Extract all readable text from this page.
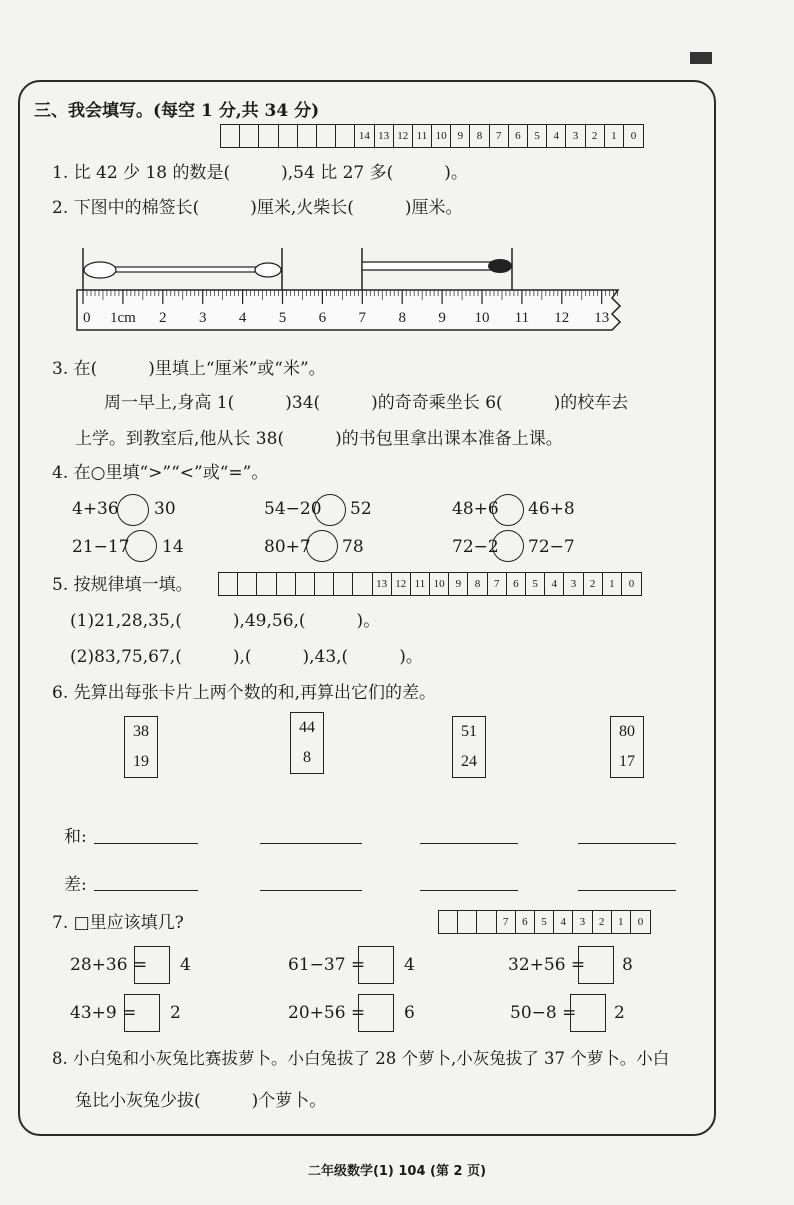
三、我会填写。(每空 1 分,共 34 分)
14 13 12 11 10 9	8	7	6	5	4	3	2	1	0
1. 比 42 少 18 的数是(　　　),54 比 27 多(　　　)。
2. 下图中的棉签长(　　　)厘米,火柴长(　　　)厘米。
0 1cm 2 3 4 5 6 7 8 9 10 11 12 13
3. 在(　　　)里填上“厘米”或“米”。
周一早上,身高 1(　　　)34(　　　)的奇奇乘坐长 6(　　　)的校车去
上学。到教室后,他从长 38(　　　)的书包里拿出课本准备上课。
4. 在○里填“>”“<”或“=”。
4+36 30	54−20 52	48+6 46+8
21−17 14	80+7 78	72−2 72−7
5. 按规律填一填。	13 12 11 10 9	8	7	6	5	4	3	2	1	0
(1)21,28,35,(　　　),49,56,(　　　)。
(2)83,75,67,(　　　),(　　　),43,(　　　)。
6. 先算出每张卡片上两个数的和,再算出它们的差。
38
19
44
8
51
24
80
17
和:
差:
7. □里应该填几?	7	6	5	4	3	2	1	0
28+36 = 4	61−37 = 4	32+56 = 8
43+9 = 2	20+56 = 6	50−8 = 2
8. 小白兔和小灰兔比赛拔萝卜。小白兔拔了 28 个萝卜,小灰兔拔了 37 个萝卜。小白
兔比小灰兔少拔(　　　)个萝卜。
二年级数学(1) 104 (第 2 页)
